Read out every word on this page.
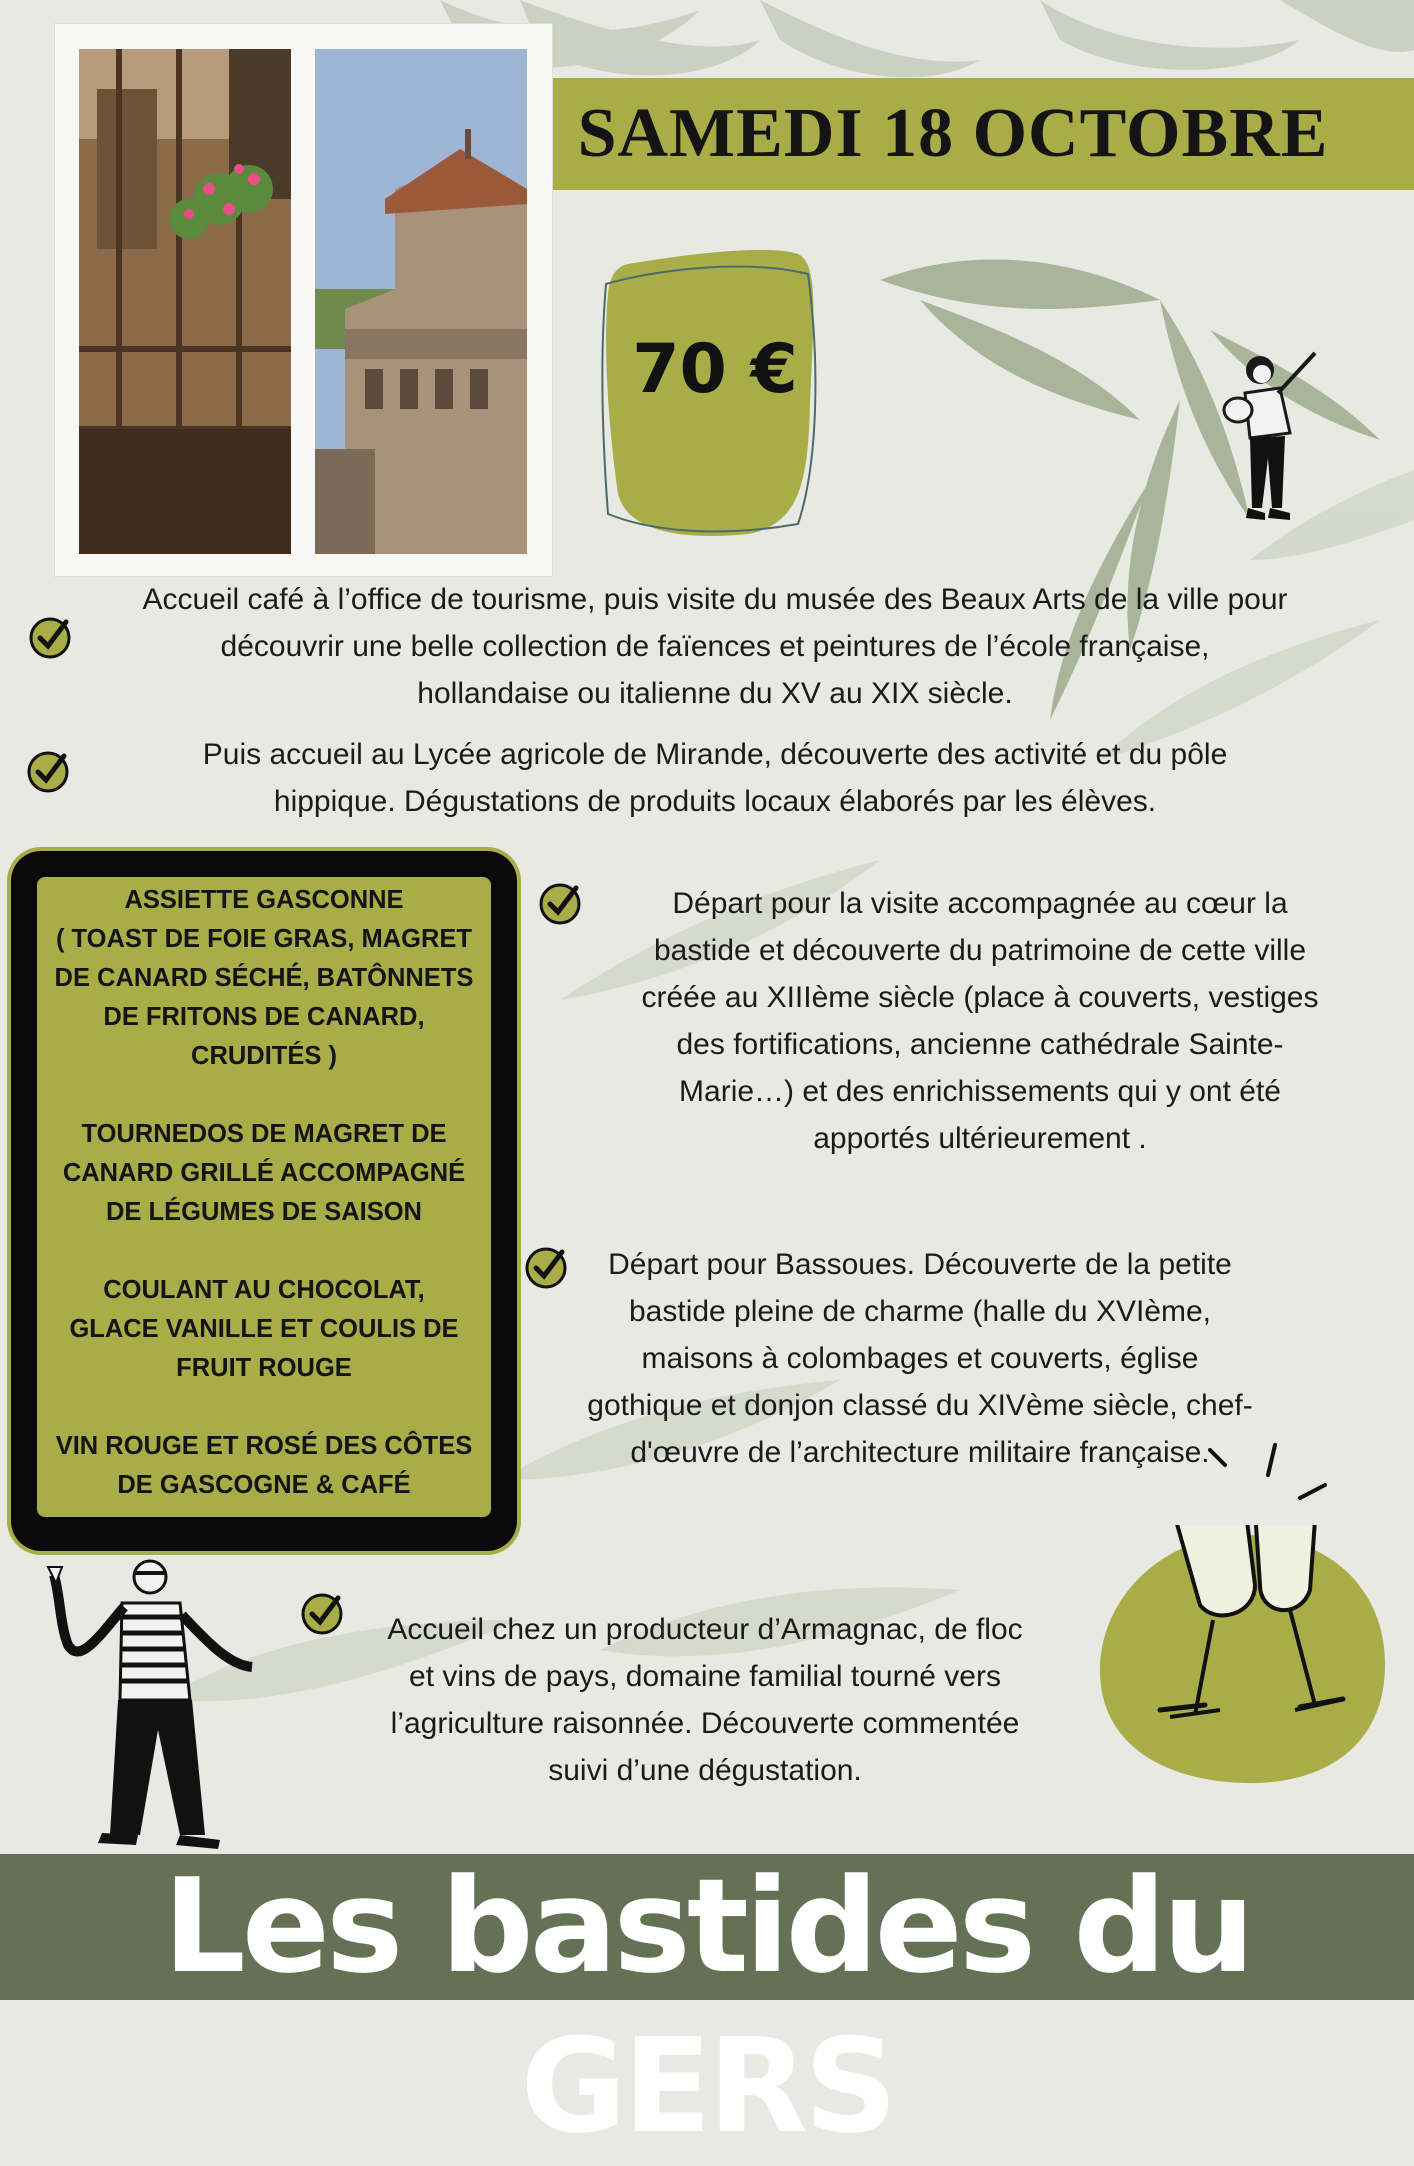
SAMEDI 18 OCTOBRE
70 €
Accueil café à l’office de tourisme, puis visite du musée des Beaux Arts de la ville pour
découvrir une belle collection de faïences et peintures de l’école française,
hollandaise ou italienne du XV au XIX siècle.
Puis accueil au Lycée agricole de Mirande, découverte des activité et du pôle
hippique. Dégustations de produits locaux élaborés par les élèves.
ASSIETTE GASCONNE
( TOAST DE FOIE GRAS, MAGRET
DE CANARD SÉCHÉ́, BATÔNNETS
DE FRITONS DE CANARD,
CRUDITÉS )
TOURNEDOS DE MAGRET DE
CANARD GRILLÉ ACCOMPAGNÉ
DE LÉGUMES DE SAISON
COULANT AU CHOCOLAT,
GLACE VANILLE ET COULIS DE
FRUIT ROUGE
VIN ROUGE ET ROSÉ DES CÔTES
DE GASCOGNE & CAFÉ
Départ pour la visite accompagnée au cœur la
bastide et découverte du patrimoine de cette ville
créée au XIIIème siècle (place à couverts, vestiges
des fortifications, ancienne cathédrale Sainte-
Marie…) et des enrichissements qui y ont été
apportés ultérieurement .
Départ pour Bassoues. Découverte de la petite
bastide pleine de charme (halle du XVIème,
maisons à colombages et couverts, église
gothique et donjon classé du XIVème siècle, chef-
d'œuvre de l’architecture militaire française.
Accueil chez un producteur d’Armagnac, de floc
et vins de pays, domaine familial tourné vers
l’agriculture raisonnée. Découverte commentée
suivi d’une dégustation.
Les bastides du GERS
